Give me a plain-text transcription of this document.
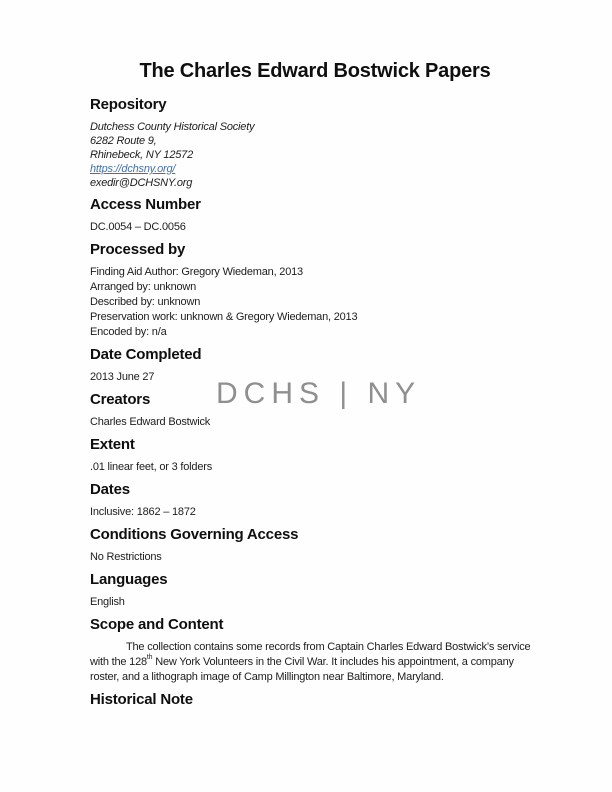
DCHS | NY
The Charles Edward Bostwick Papers
Repository

Dutchess County Historical Society

6282 Route 9,

Rhinebeck, NY 12572

https://dchsny.org/

exedir@DCHSNY.org

Access Number

DC.0054 – DC.0056

Processed by

Finding Aid Author: Gregory Wiedeman, 2013

Arranged by: unknown

Described by: unknown

Preservation work: unknown & Gregory Wiedeman, 2013

Encoded by: n/a

Date Completed

2013 June 27

Creators

Charles Edward Bostwick

Extent

.01 linear feet, or 3 folders

Dates

Inclusive: 1862 – 1872

Conditions Governing Access

No Restrictions

Languages

English

Scope and Content

The collection contains some records from Captain Charles Edward Bostwick’s service with the 128th New York Volunteers in the Civil War. It includes his appointment, a company roster, and a lithograph image of Camp Millington near Baltimore, Maryland.

Historical Note
